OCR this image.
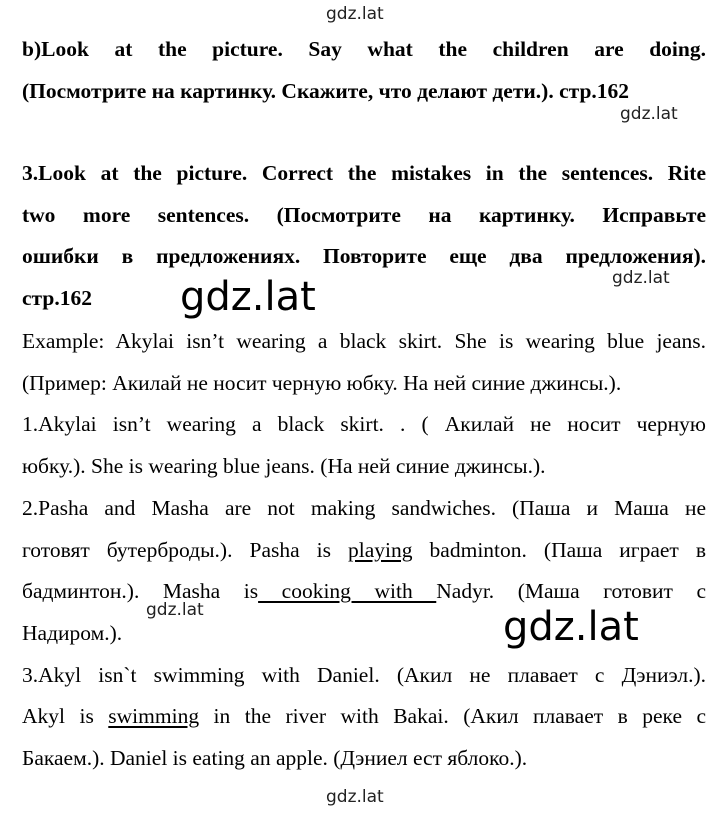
gdz.lat
gdz.lat
gdz.lat
gdz.lat
gdz.lat	gdz.lat
gdz.lat
b)Look at the picture. Say what the children are doing.
(Посмотрите на картинку. Скажите, что делают дети.). стр.162
3.Look at the picture. Correct the mistakes in the sentences. Rite
two more sentences. (Посмотрите на картинку. Исправьте
ошибки в предложениях. Повторите еще два предложения).
стр.162
Example: Akylai isn’t wearing a black skirt. She is wearing blue jeans.
(Пример: Акилай не носит черную юбку. На ней синие джинсы.).
1.Akylai isn’t wearing a black skirt. . ( Акилай не носит черную
юбку.). She is wearing blue jeans. (На ней синие джинсы.).
2.Pasha and Masha are not making sandwiches. (Паша и Маша не
готовят бутерброды.). Pasha is playing badminton. (Паша играет в
бадминтон.). Masha is cooking with Nadyr. (Маша готовит с
Надиром.).
3.Akyl isn`t swimming with Daniel. (Акил не плавает с Дэниэл.).
Akyl is swimming in the river with Bakai. (Акил плавает в реке с
Бакаем.). Daniel is eating an apple. (Дэниел ест яблоко.).
